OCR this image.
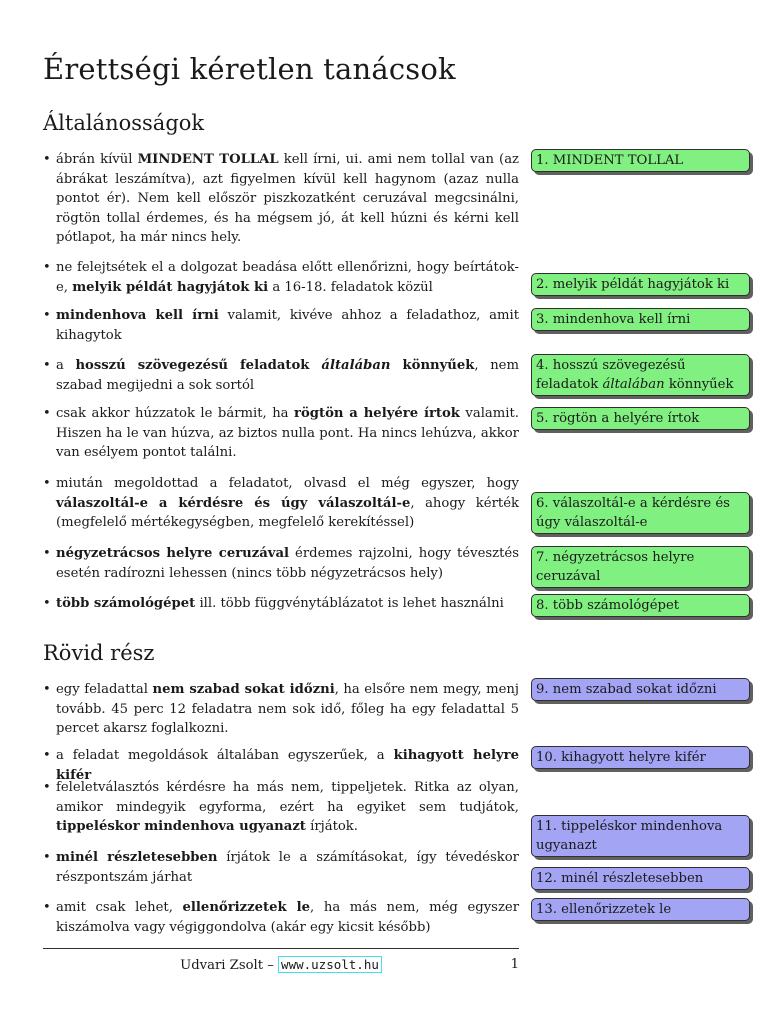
Érettségi kéretlen tanácsok
Általánosságok
• ábrán kívül MINDENT TOLLAL kell írni, ui. ami nem tollal van (az ábrákat leszámítva), azt figyelmen kívül kell hagynom (azaz nulla pontot ér). Nem kell először piszkozatként ceruzával megcsinálni, rögtön tollal érdemes, és ha mégsem jó, át kell húzni és kérni kell pótlapot, ha már nincs hely.
• ne felejtsétek el a dolgozat beadása előtt ellenőrizni, hogy beírtátok-e, melyik példát hagyjátok ki a 16-18. feladatok közül
• mindenhova kell írni valamit, kivéve ahhoz a feladathoz, amit kihagytok
• a hosszú szövegezésű feladatok általában könnyűek, nem szabad megijedni a sok sortól
• csak akkor húzzatok le bármit, ha rögtön a helyére írtok valamit. Hiszen ha le van húzva, az biztos nulla pont. Ha nincs lehúzva, akkor van esélyem pontot találni.
• miután megoldottad a feladatot, olvasd el még egyszer, hogy válaszoltál-e a kérdésre és úgy válaszoltál-e, ahogy kérték (megfelelő mértékegységben, megfelelő kerekítéssel)
• négyzetrácsos helyre ceruzával érdemes rajzolni, hogy tévesztés esetén radírozni lehessen (nincs több négyzetrácsos hely)
• több számológépet ill. több függvénytáblázatot is lehet használni
Rövid rész
• egy feladattal nem szabad sokat időzni, ha elsőre nem megy, menj tovább. 45 perc 12 feladatra nem sok idő, főleg ha egy feladattal 5 percet akarsz foglalkozni.
• a feladat megoldások általában egyszerűek, a kihagyott helyre kifér
• feleletválasztós kérdésre ha más nem, tippeljetek. Ritka az olyan, amikor mindegyik egyforma, ezért ha egyiket sem tudjátok, tippeléskor mindenhova ugyanazt írjátok.
• minél részletesebben írjátok le a számításokat, így tévedéskor részpontszám járhat
• amit csak lehet, ellenőrizzetek le, ha más nem, még egyszer kiszámolva vagy végiggondolva (akár egy kicsit később)
1. MINDENT TOLLAL
2. melyik példát hagyjátok ki
3. mindenhova kell írni
4. hosszú szövegezésű feladatok általában könnyűek
5. rögtön a helyére írtok
6. válaszoltál-e a kérdésre és úgy válaszoltál-e
7. négyzetrácsos helyre ceruzával
8. több számológépet
9. nem szabad sokat időzni
10. kihagyott helyre kifér
11. tippeléskor mindenhova ugyanazt
12. minél részletesebben
13. ellenőrizzetek le
Udvari Zsolt – www.uzsolt.hu	1
